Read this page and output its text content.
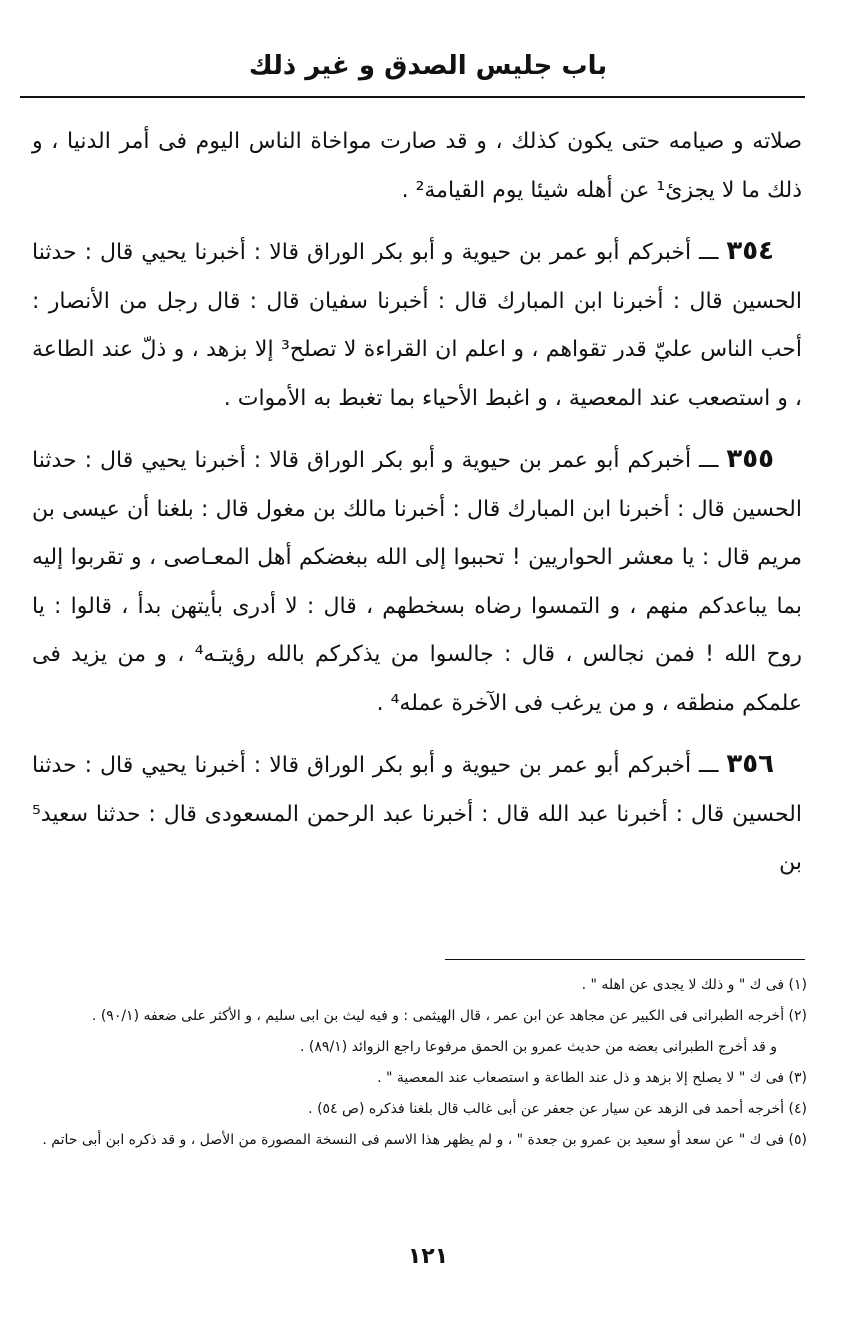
باب جليس الصدق و غير ذلك

صلاته و صيامه حتى يكون كذلك ، و قد صارت مواخاة الناس اليوم فى أمر الدنيا ، و ذلك ما لا يجزئ¹ عن أهله شيئا يوم القيامة² .

٣٥٤ ـــ أخبركم أبو عمر بن حيوية و أبو بكر الوراق قالا : أخبرنا يحيي قال : حدثنا الحسين قال : أخبرنا ابن المبارك قال : أخبرنا سفيان قال : قال رجل من الأنصار : أحب الناس عليّ قدر تقواهم ، و اعلم ان القراءة لا تصلح³ إلا بزهد ، و ذلّ عند الطاعة ، و استصعب عند المعصية ، و اغبط الأحياء بما تغبط به الأموات .

٣٥٥ ـــ أخبركم أبو عمر بن حيوية و أبو بكر الوراق قالا : أخبرنا يحيي قال : حدثنا الحسين قال : أخبرنا ابن المبارك قال : أخبرنا مالك بن مغول قال : بلغنا أن عيسى بن مريم قال : يا معشر الحواريين ! تحببوا إلى الله ببغضكم أهل المعـاصى ، و تقربوا إليه بما يباعدكم منهم ، و التمسوا رضاه بسخطهم ، قال : لا أدرى بأيتهن بدأ ، قالوا : يا روح الله ! فمن نجالس ، قال : جالسوا من يذكركم بالله رؤيتـه⁴ ، و من يزيد فى علمكم منطقه ، و من يرغب فى الآخرة عمله⁴ .

٣٥٦ ـــ أخبركم أبو عمر بن حيوية و أبو بكر الوراق قالا : أخبرنا يحيي قال : حدثنا الحسين قال : أخبرنا عبد الله قال : أخبرنا عبد الرحمن المسعودى قال : حدثنا سعيد⁵ بن

(١) فى ك " و ذلك لا يجدى عن اهله " .

(٢) أخرجه الطبرانى فى الكبير عن مجاهد عن ابن عمر ، قال الهيثمى : و فيه ليث بن ابى سليم ، و الأكثر على ضعفه (٩٠/١) .

و قد أخرج الطبرانى بعضه من حديث عمرو بن الحمق مرفوعا راجع الزوائد (٨٩/١) .

(٣) فى ك " لا يصلح إلا بزهد و ذل عند الطاعة و استصعاب عند المعصية " .

(٤) أخرجه أحمد فى الزهد عن سيار عن جعفر عن أبى غالب قال بلغنا فذكره (ص ٥٤) .

(٥) فى ك " عن سعد أو سعيد بن عمرو بن جعدة " ، و لم يظهر هذا الاسم فى النسخة المصورة من الأصل ، و قد ذكره ابن أبى حاتم .

١٢١
